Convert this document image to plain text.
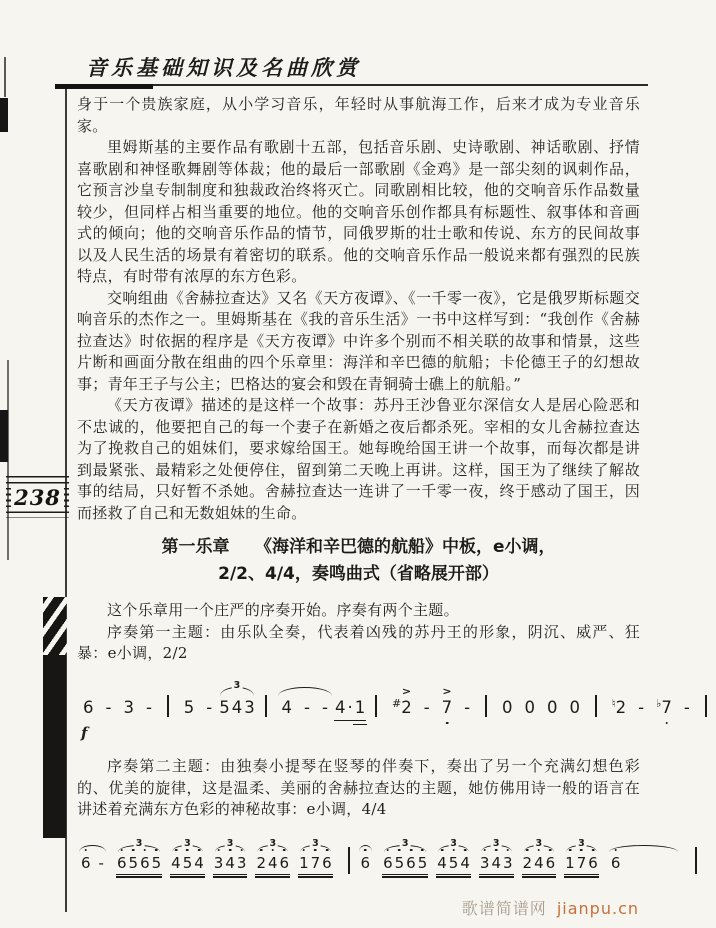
音乐基础知识及名曲欣赏
238

身于一个贵族家庭，从小学习音乐，年轻时从事航海工作，后来才成为专业音乐家。

里姆斯基的主要作品有歌剧十五部，包括音乐剧、史诗歌剧、神话歌剧、抒情喜歌剧和神怪歌舞剧等体裁；他的最后一部歌剧《金鸡》是一部尖刻的讽刺作品，它预言沙皇专制制度和独裁政治终将灭亡。同歌剧相比较，他的交响音乐作品数量较少，但同样占相当重要的地位。他的交响音乐创作都具有标题性、叙事体和音画式的倾向；他的交响音乐作品的情节，同俄罗斯的壮士歌和传说、东方的民间故事以及人民生活的场景有着密切的联系。他的交响音乐作品一般说来都有强烈的民族特点，有时带有浓厚的东方色彩。

交响组曲《舍赫拉查达》又名《天方夜谭》、《一千零一夜》，它是俄罗斯标题交响音乐的杰作之一。里姆斯基在《我的音乐生活》一书中这样写到：“我创作《舍赫拉查达》时依据的程序是《天方夜谭》中许多个别而不相关联的故事和情景，这些片断和画面分散在组曲的四个乐章里：海洋和辛巴德的航船；卡伦德王子的幻想故事；青年王子与公主；巴格达的宴会和毁在青铜骑士礁上的航船。”

《天方夜谭》描述的是这样一个故事：苏丹王沙鲁亚尔深信女人是居心险恶和不忠诚的，他要把自己的每一个妻子在新婚之夜后都杀死。宰相的女儿舍赫拉查达为了挽救自己的姐妹们，要求嫁给国王。她每晚给国王讲一个故事，而每次都是讲到最紧张、最精彩之处便停住，留到第二天晚上再讲。这样，国王为了继续了解故事的结局，只好暂不杀她。舍赫拉查达一连讲了一千零一夜，终于感动了国王，因而拯救了自己和无数姐妹的生命。

第一乐章　　《海洋和辛巴德的航船》中板，e小调，
2/2、4/4，奏鸣曲式（省略展开部）

这个乐章用一个庄严的序奏开始。序奏有两个主题。

序奏第一主题：由乐队全奏，代表着凶残的苏丹王的形象，阴沉、威严、狂暴：e小调，2/2

6 - 3 - 5 - 5 4 3 3 4 - - 4 · 1 #> 2 - > 7 - 0 0 0 0	♮2 - ♭7 -
f

序奏第二主题：由独奏小提琴在竖琴的伴奏下，奏出了另一个充满幻想色彩的、优美的旋律，这是温柔、美丽的舍赫拉查达的主题，她仿佛用诗一般的语言在讲述着充满东方色彩的神秘故事：e小调，4/4

6 - 6 5 6 5 3 4 5 4 3 3 4 3 3 2 4 6 3 1 7 6 3 6 6 5 6 5 3 4 5 4 3 3 4 3 3 2 4 6 3 1 7 6 3 6
歌谱简谱网 jianpu.cn
